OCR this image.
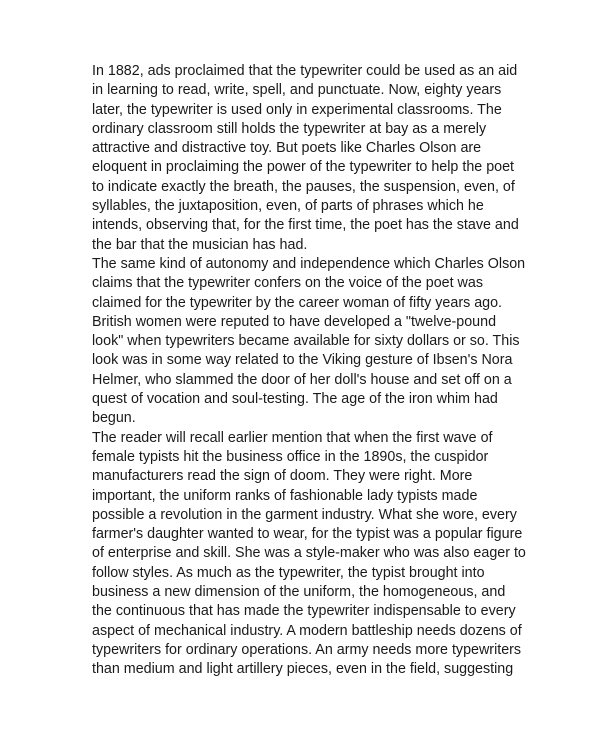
In 1882, ads proclaimed that the typewriter could be used as an aid
in learning to read, write, spell, and punctuate. Now, eighty years
later, the typewriter is used only in experimental classrooms. The
ordinary classroom still holds the typewriter at bay as a merely
attractive and distractive toy. But poets like Charles Olson are
eloquent in proclaiming the power of the typewriter to help the poet
to indicate exactly the breath, the pauses, the suspension, even, of
syllables, the juxtaposition, even, of parts of phrases which he
intends, observing that, for the first time, the poet has the stave and
the bar that the musician has had.

The same kind of autonomy and independence which Charles Olson
claims that the typewriter confers on the voice of the poet was
claimed for the typewriter by the career woman of fifty years ago.
British women were reputed to have developed a "twelve-pound
look" when typewriters became available for sixty dollars or so. This
look was in some way related to the Viking gesture of Ibsen's Nora
Helmer, who slammed the door of her doll's house and set off on a
quest of vocation and soul-testing. The age of the iron whim had
begun.

The reader will recall earlier mention that when the first wave of
female typists hit the business office in the 1890s, the cuspidor
manufacturers read the sign of doom. They were right. More
important, the uniform ranks of fashionable lady typists made
possible a revolution in the garment industry. What she wore, every
farmer's daughter wanted to wear, for the typist was a popular figure
of enterprise and skill. She was a style-maker who was also eager to
follow styles. As much as the typewriter, the typist brought into
business a new dimension of the uniform, the homogeneous, and
the continuous that has made the typewriter indispensable to every
aspect of mechanical industry. A modern battleship needs dozens of
typewriters for ordinary operations. An army needs more typewriters
than medium and light artillery pieces, even in the field, suggesting
